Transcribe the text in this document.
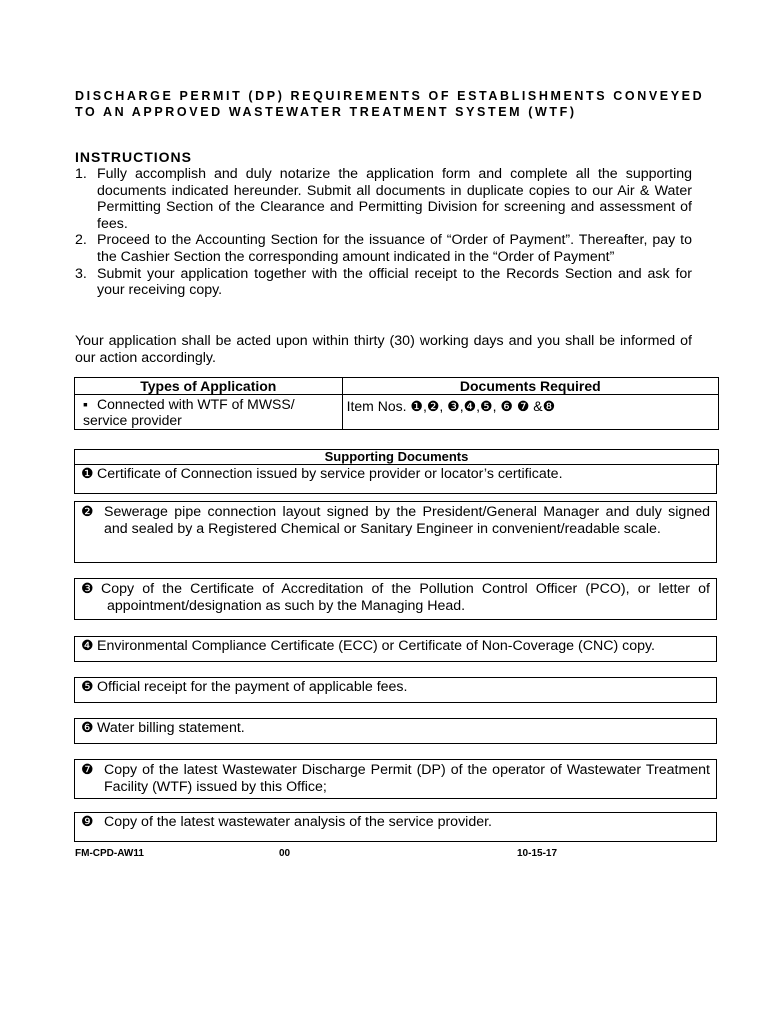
DISCHARGE PERMIT (DP) REQUIREMENTS OF ESTABLISHMENTS CONVEYED TO AN APPROVED WASTEWATER TREATMENT SYSTEM (WTF)
INSTRUCTIONS
1. Fully accomplish and duly notarize the application form and complete all the supporting documents indicated hereunder. Submit all documents in duplicate copies to our Air & Water Permitting Section of the Clearance and Permitting Division for screening and assessment of fees.
2. Proceed to the Accounting Section for the issuance of “Order of Payment”. Thereafter, pay to the Cashier Section the corresponding amount indicated in the “Order of Payment”
3. Submit your application together with the official receipt to the Records Section and ask for your receiving copy.
Your application shall be acted upon within thirty (30) working days and you shall be informed of our action accordingly.
Types of Application	Documents Required
▪ Connected with WTF of MWSS/ service provider	Item Nos. ❶,❷, ❸,❹,❺, ❻ ❼ &❽
Supporting Documents
❶ Certificate of Connection issued by service provider or locator’s certificate.
❷ Sewerage pipe connection layout signed by the President/General Manager and duly signed and sealed by a Registered Chemical or Sanitary Engineer in convenient/readable scale.
❸ Copy of the Certificate of Accreditation of the Pollution Control Officer (PCO), or letter of appointment/designation as such by the Managing Head.
❹ Environmental Compliance Certificate (ECC) or Certificate of Non-Coverage (CNC) copy.
❺ Official receipt for the payment of applicable fees.
❻ Water billing statement.
❼ Copy of the latest Wastewater Discharge Permit (DP) of the operator of Wastewater Treatment Facility (WTF) issued by this Office;
❾ Copy of the latest wastewater analysis of the service provider.
FM-CPD-AW11	00	10-15-17
